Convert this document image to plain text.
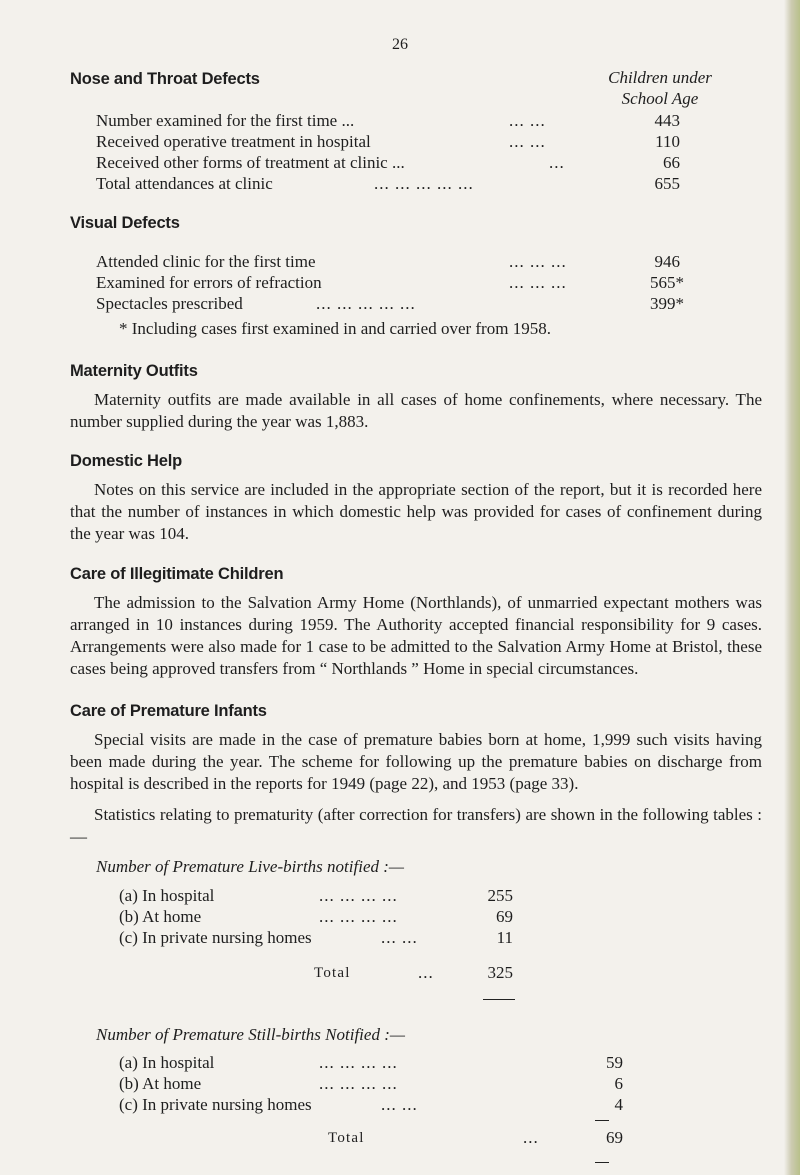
26
Nose and Throat Defects	Children under
School Age
Number examined for the first time ...	... ...	443
Received operative treatment in hospital	... ...	110
Received other forms of treatment at clinic ...	...	66
Total attendances at clinic	... ... ... ... ...	655
Visual Defects
Attended clinic for the first time	... ... ...	946
Examined for errors of refraction	... ... ...	565*
Spectacles prescribed	... ... ... ... ...	399*
* Including cases first examined in and carried over from 1958.
Maternity Outfits

Maternity outfits are made available in all cases of home confinements, where necessary. The number supplied during the year was 1,883.

Domestic Help

Notes on this service are included in the appropriate section of the report, but it is recorded here that the number of instances in which domestic help was provided for cases of confinement during the year was 104.

Care of Illegitimate Children

The admission to the Salvation Army Home (Northlands), of unmarried expectant mothers was arranged in 10 instances during 1959. The Authority accepted financial responsibility for 9 cases. Arrangements were also made for 1 case to be admitted to the Salvation Army Home at Bristol, these cases being approved transfers from “ Northlands ” Home in special circumstances.

Care of Premature Infants

Special visits are made in the case of premature babies born at home, 1,999 such visits having been made during the year. The scheme for following up the premature babies on discharge from hospital is described in the reports for 1949 (page 22), and 1953 (page 33).

Statistics relating to prematurity (after correction for transfers) are shown in the following tables :—

Number of Premature Live-births notified :—
(a) In hospital	... ... ... ...	255
(b) At home	... ... ... ...	69
(c) In private nursing homes	... ...	11
Total	...	325
Number of Premature Still-births Notified :—
(a) In hospital	... ... ... ...	59
(b) At home	... ... ... ...	6
(c) In private nursing homes	... ...	4
Total	...	69
